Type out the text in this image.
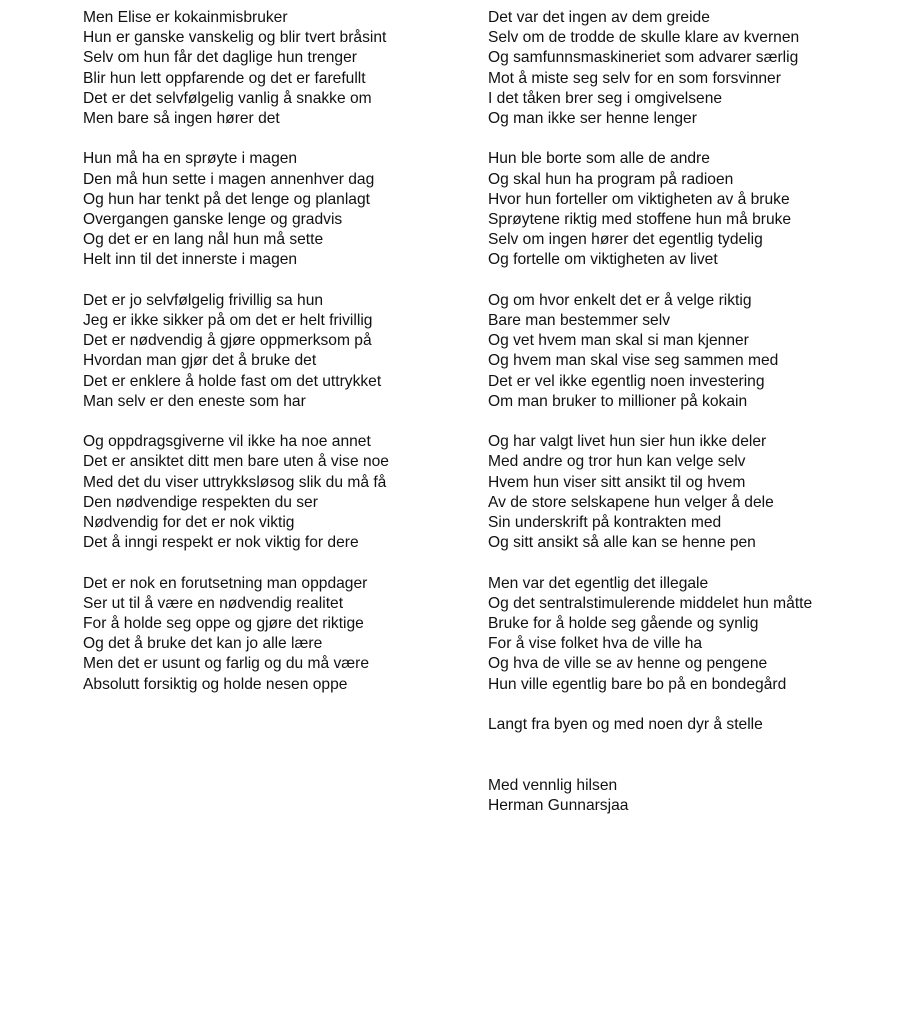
Men Elise er kokainmisbruker
Hun er ganske vanskelig og blir tvert bråsint
Selv om hun får det daglige hun trenger
Blir hun lett oppfarende og det er farefullt
Det er det selvfølgelig vanlig å snakke om
Men bare så ingen hører det
Hun må ha en sprøyte i magen
Den må hun sette i magen annenhver dag
Og hun har tenkt på det lenge og planlagt
Overgangen ganske lenge og gradvis
Og det er en lang nål hun må sette
Helt inn til det innerste i magen
Det er jo selvfølgelig frivillig sa hun
Jeg er ikke sikker på om det er helt frivillig
Det er nødvendig å gjøre oppmerksom på
Hvordan man gjør det å bruke det
Det er enklere å holde fast om det uttrykket
Man selv er den eneste som har
Og oppdragsgiverne vil ikke ha noe annet
Det er ansiktet ditt men bare uten å vise noe
Med det du viser uttrykksløsog slik du må få
Den nødvendige respekten du ser
Nødvendig for det er nok viktig
Det å inngi respekt er nok viktig for dere
Det er nok en forutsetning man oppdager
Ser ut til å være en nødvendig realitet
For å holde seg oppe og gjøre det riktige
Og det å bruke det kan jo alle lære
Men det er usunt og farlig og du må være
Absolutt forsiktig og holde nesen oppe
Det var det ingen av dem greide
Selv om de trodde de skulle klare av kvernen
Og samfunnsmaskineriet som advarer særlig
Mot å miste seg selv for en som forsvinner
I det tåken brer seg i omgivelsene
Og man ikke ser henne lenger
Hun ble borte som alle de andre
Og skal hun ha program på radioen
Hvor hun forteller om viktigheten av å bruke
Sprøytene riktig med stoffene hun må bruke
Selv om ingen hører det egentlig tydelig
Og fortelle om viktigheten av livet
Og om hvor enkelt det er å velge riktig
Bare man bestemmer selv
Og vet hvem man skal si man kjenner
Og hvem man skal vise seg sammen med
Det er vel ikke egentlig noen investering
Om man bruker to millioner på kokain
Og har valgt livet hun sier hun ikke deler
Med andre og tror hun kan velge selv
Hvem hun viser sitt ansikt til og hvem
Av de store selskapene hun velger å dele
Sin underskrift på kontrakten med
Og sitt ansikt så alle kan se henne pen
Men var det egentlig det illegale
Og det sentralstimulerende middelet hun måtte
Bruke for å holde seg gående og synlig
For å vise folket hva de ville ha
Og hva de ville se av henne og pengene
Hun ville egentlig bare bo på en bondegård
Langt fra byen og med noen dyr å stelle
Med vennlig hilsen
Herman Gunnarsjaa
